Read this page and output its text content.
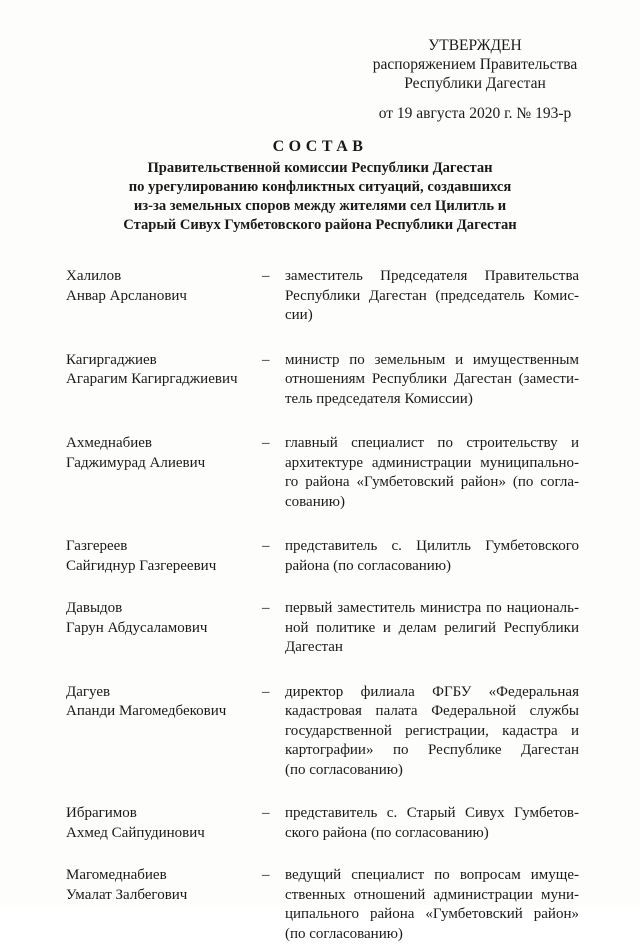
УТВЕРЖДЕН
распоряжением Правительства
Республики Дагестан
от 19 августа 2020 г. № 193-р
СОСТАВ
Правительственной комиссии Республики Дагестан
по урегулированию конфликтных ситуаций, создавшихся
из-за земельных споров между жителями сел Цилитль и
Старый Сивух Гумбетовского района Республики Дагестан
Халилов
Анвар Арсланович
– заместитель Председателя Правительства
Республики Дагестан (председатель Комис-
сии)
Кагиргаджиев
Агарагим Кагиргаджиевич
– министр по земельным и имущественным
отношениям Республики Дагестан (замести-
тель председателя Комиссии)
Ахмеднабиев
Гаджимурад Алиевич
– главный специалист по строительству и
архитектуре администрации муниципально-
го района «Гумбетовский район» (по согла-
сованию)
Газгереев
Сайгиднур Газгереевич
– представитель с. Цилитль Гумбетовского
района (по согласованию)
Давыдов
Гарун Абдусаламович
– первый заместитель министра по националь-
ной политике и делам религий Республики
Дагестан
Дагуев
Апанди Магомедбекович
– директор филиала ФГБУ «Федеральная
кадастровая палата Федеральной службы
государственной регистрации, кадастра и
картографии» по Республике Дагестан
(по согласованию)
Ибрагимов
Ахмед Сайпудинович
– представитель с. Старый Сивух Гумбетов-
ского района (по согласованию)
Магомеднабиев
Умалат Залбегович
– ведущий специалист по вопросам имуще-
ственных отношений администрации муни-
ципального района «Гумбетовский район»
(по согласованию)
